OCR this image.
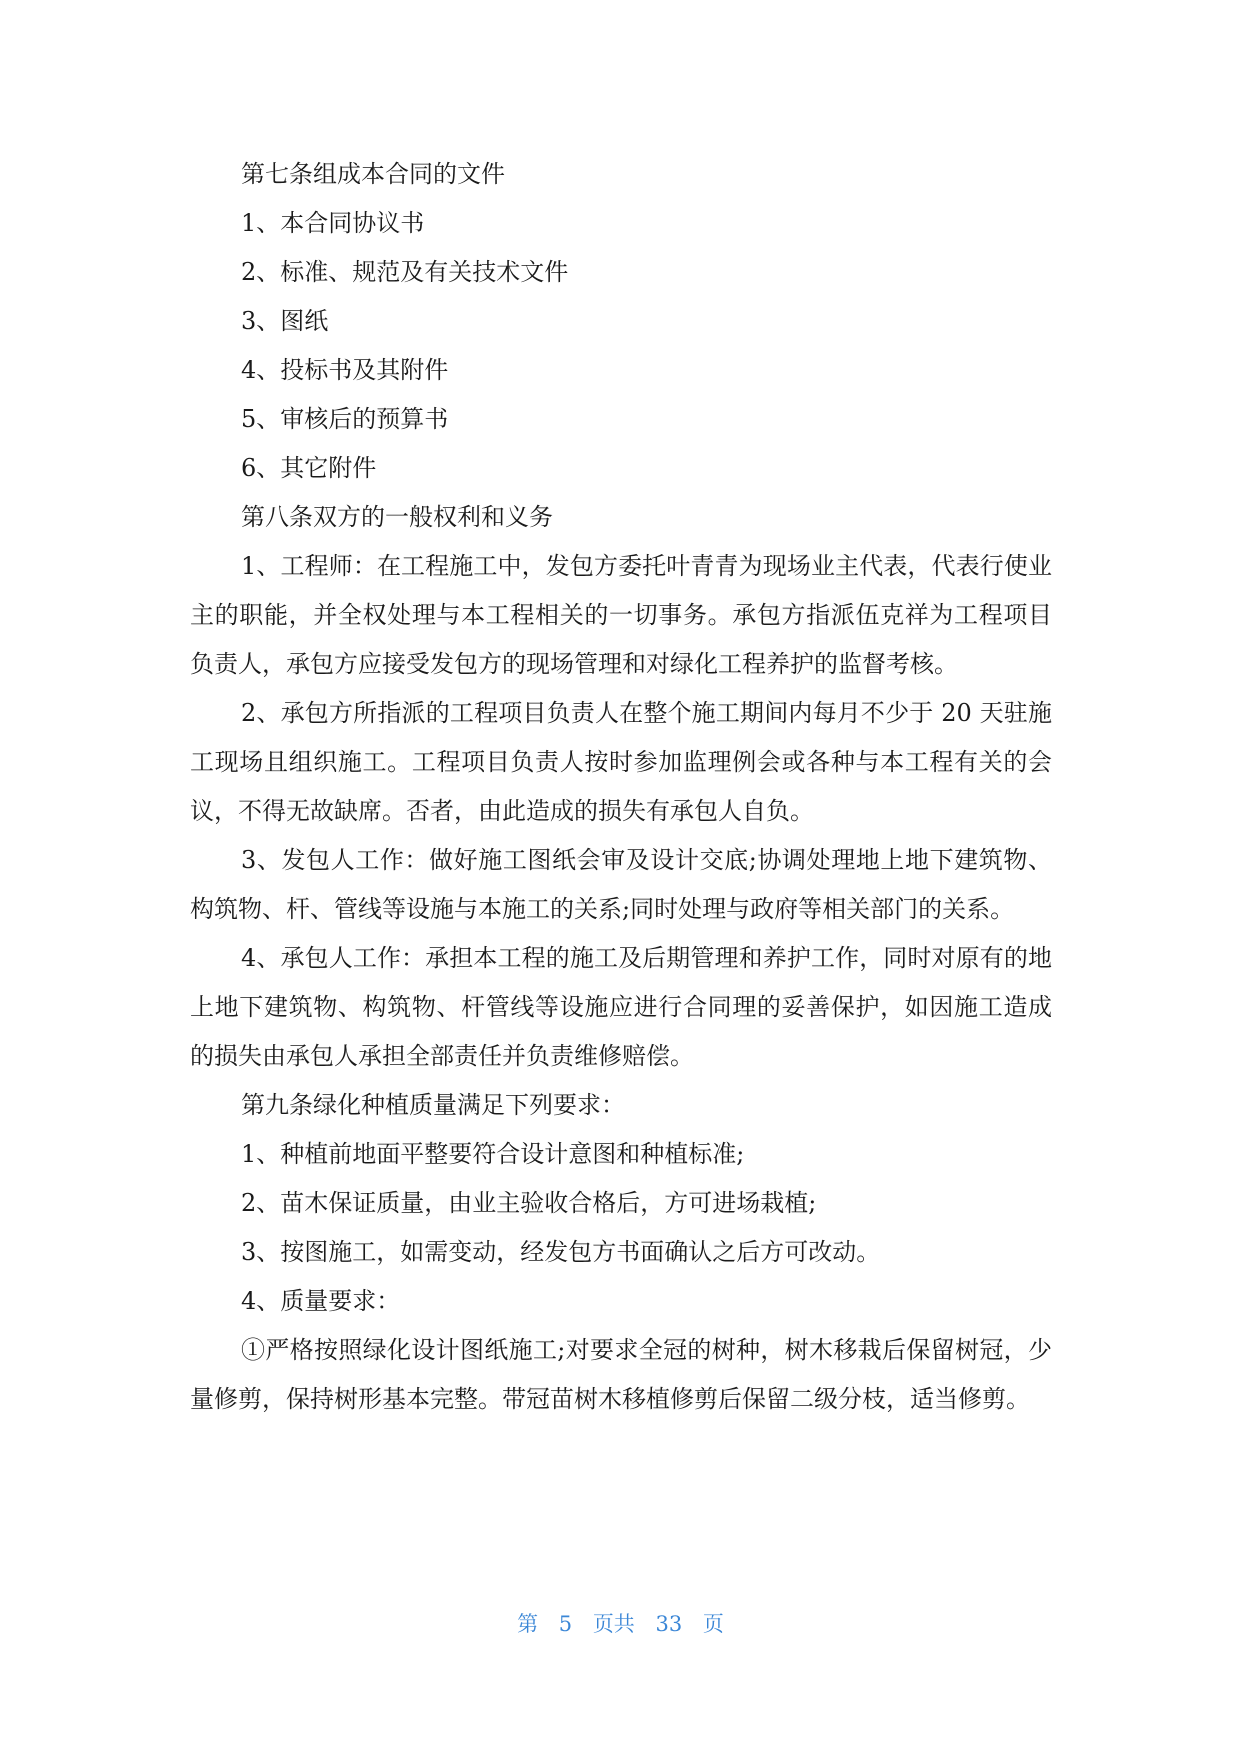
第七条组成本合同的文件

1、本合同协议书

2、标准、规范及有关技术文件

3、图纸

4、投标书及其附件

5、审核后的预算书

6、其它附件

第八条双方的一般权利和义务

1、工程师：在工程施工中，发包方委托叶青青为现场业主代表，代表行使业主的职能，并全权处理与本工程相关的一切事务。承包方指派伍克祥为工程项目负责人，承包方应接受发包方的现场管理和对绿化工程养护的监督考核。

2、承包方所指派的工程项目负责人在整个施工期间内每月不少于 20 天驻施工现场且组织施工。工程项目负责人按时参加监理例会或各种与本工程有关的会议，不得无故缺席。否者，由此造成的损失有承包人自负。

3、发包人工作：做好施工图纸会审及设计交底;协调处理地上地下建筑物、构筑物、杆、管线等设施与本施工的关系;同时处理与政府等相关部门的关系。

4、承包人工作：承担本工程的施工及后期管理和养护工作，同时对原有的地上地下建筑物、构筑物、杆管线等设施应进行合同理的妥善保护，如因施工造成的损失由承包人承担全部责任并负责维修赔偿。

第九条绿化种植质量满足下列要求：

1、种植前地面平整要符合设计意图和种植标准;

2、苗木保证质量，由业主验收合格后，方可进场栽植;

3、按图施工，如需变动，经发包方书面确认之后方可改动。

4、质量要求：

①严格按照绿化设计图纸施工;对要求全冠的树种，树木移栽后保留树冠，少量修剪，保持树形基本完整。带冠苗树木移植修剪后保留二级分枝，适当修剪。

第 5 页共 33 页
